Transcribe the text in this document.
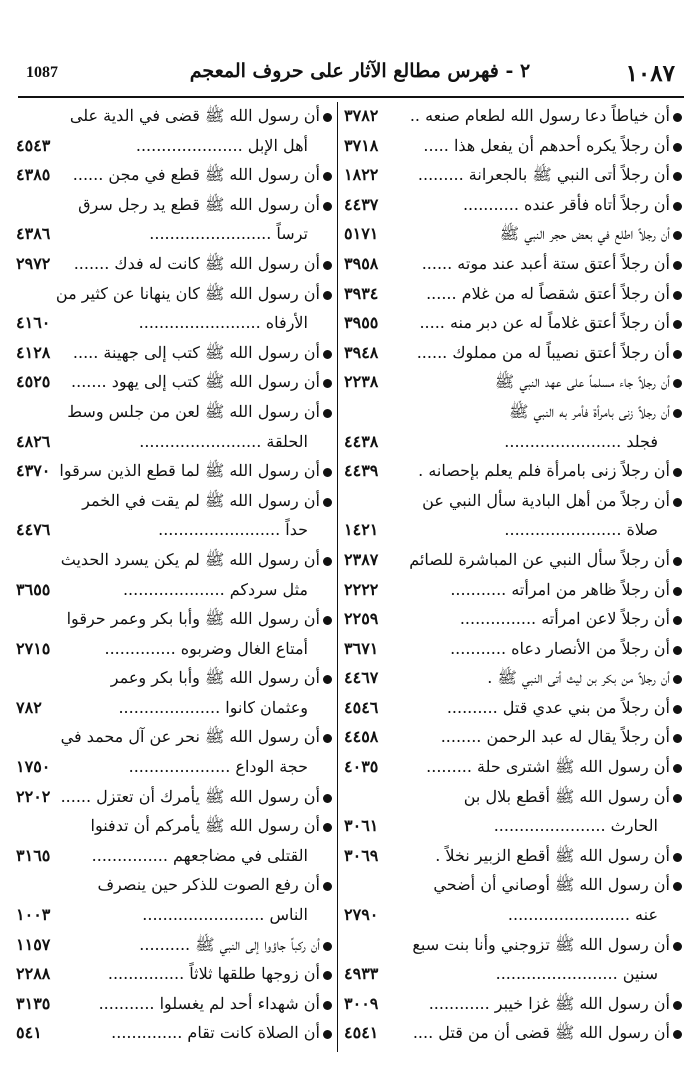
١٠٨٧
٢ - فهرس مطالع الآثار على حروف المعجم
1087
أن خياطاً دعا رسول الله لطعام صنعه ..
٣٧٨٢
أن رجلاً يكره أحدهم أن يفعل هذا .....
٣٧١٨
أن رجلاً أتى النبي ﷺ بالجعرانة .........
١٨٢٢
أن رجلاً أتاه فأقر عنده ...........
٤٤٣٧
أن رجلاً اطلع في بعض حجر النبي ﷺ
٥١٧١
أن رجلاً أعتق ستة أعبد عند موته ......
٣٩٥٨
أن رجلاً أعتق شقصاً له من غلام ......
٣٩٣٤
أن رجلاً أعتق غلاماً له عن دبر منه .....
٣٩٥٥
أن رجلاً أعتق نصيباً له من مملوك ......
٣٩٤٨
أن رجلاً جاء مسلماً على عهد النبي ﷺ
٢٢٣٨
أن رجلاً زنى بامرأة فأمر به النبي ﷺ
فجلد .......................
٤٤٣٨
أن رجلاً زنى بامرأة فلم يعلم بإحصانه .
٤٤٣٩
أن رجلاً من أهل البادية سأل النبي عن
صلاة .......................
١٤٢١
أن رجلاً سأل النبي عن المباشرة للصائم
٢٣٨٧
أن رجلاً ظاهر من امرأته ...........
٢٢٢٢
أن رجلاً لاعن امرأته ...............
٢٢٥٩
أن رجلاً من الأنصار دعاه ...........
٣٦٧١
أن رجلاً من بكر بن ليث أتى النبي ﷺ .
٤٤٦٧
أن رجلاً من بني عدي قتل ..........
٤٥٤٦
أن رجلاً يقال له عبد الرحمن ........
٤٤٥٨
أن رسول الله ﷺ اشترى حلة .........
٤٠٣٥
أن رسول الله ﷺ أقطع بلال بن
الحارث ......................
٣٠٦١
أن رسول الله ﷺ أقطع الزبير نخلاً .
٣٠٦٩
أن رسول الله ﷺ أوصاني أن أضحي
عنه ........................
٢٧٩٠
أن رسول الله ﷺ تزوجني وأنا بنت سبع
سنين ........................
٤٩٣٣
أن رسول الله ﷺ غزا خيبر ............
٣٠٠٩
أن رسول الله ﷺ قضى أن من قتل ....
٤٥٤١
أن رسول الله ﷺ قضى في الدية على
أهل الإبل .....................
٤٥٤٣
أن رسول الله ﷺ قطع في مجن ......
٤٣٨٥
أن رسول الله ﷺ قطع يد رجل سرق
ترساً ........................
٤٣٨٦
أن رسول الله ﷺ كانت له فدك .......
٢٩٧٢
أن رسول الله ﷺ كان ينهانا عن كثير من
الأرفاه ........................
٤١٦٠
أن رسول الله ﷺ كتب إلى جهينة .....
٤١٢٨
أن رسول الله ﷺ كتب إلى يهود .......
٤٥٢٥
أن رسول الله ﷺ لعن من جلس وسط
الحلقة ........................
٤٨٢٦
أن رسول الله ﷺ لما قطع الذين سرقوا
٤٣٧٠
أن رسول الله ﷺ لم يقت في الخمر
حداً ........................
٤٤٧٦
أن رسول الله ﷺ لم يكن يسرد الحديث
مثل سردكم ....................
٣٦٥٥
أن رسول الله ﷺ وأبا بكر وعمر حرقوا
أمتاع الغال وضربوه ..............
٢٧١٥
أن رسول الله ﷺ وأبا بكر وعمر
وعثمان كانوا ....................
٧٨٢
أن رسول الله ﷺ نحر عن آل محمد في
حجة الوداع ....................
١٧٥٠
أن رسول الله ﷺ يأمرك أن تعتزل ......
٢٢٠٢
أن رسول الله ﷺ يأمركم أن تدفنوا
القتلى في مضاجعهم ...............
٣١٦٥
أن رفع الصوت للذكر حين ينصرف
الناس ........................
١٠٠٣
أن ركباً جاؤوا إلى النبي ﷺ ..........
١١٥٧
أن زوجها طلقها ثلاثاً ...............
٢٢٨٨
أن شهداء أحد لم يغسلوا ...........
٣١٣٥
أن الصلاة كانت تقام ..............
٥٤١
